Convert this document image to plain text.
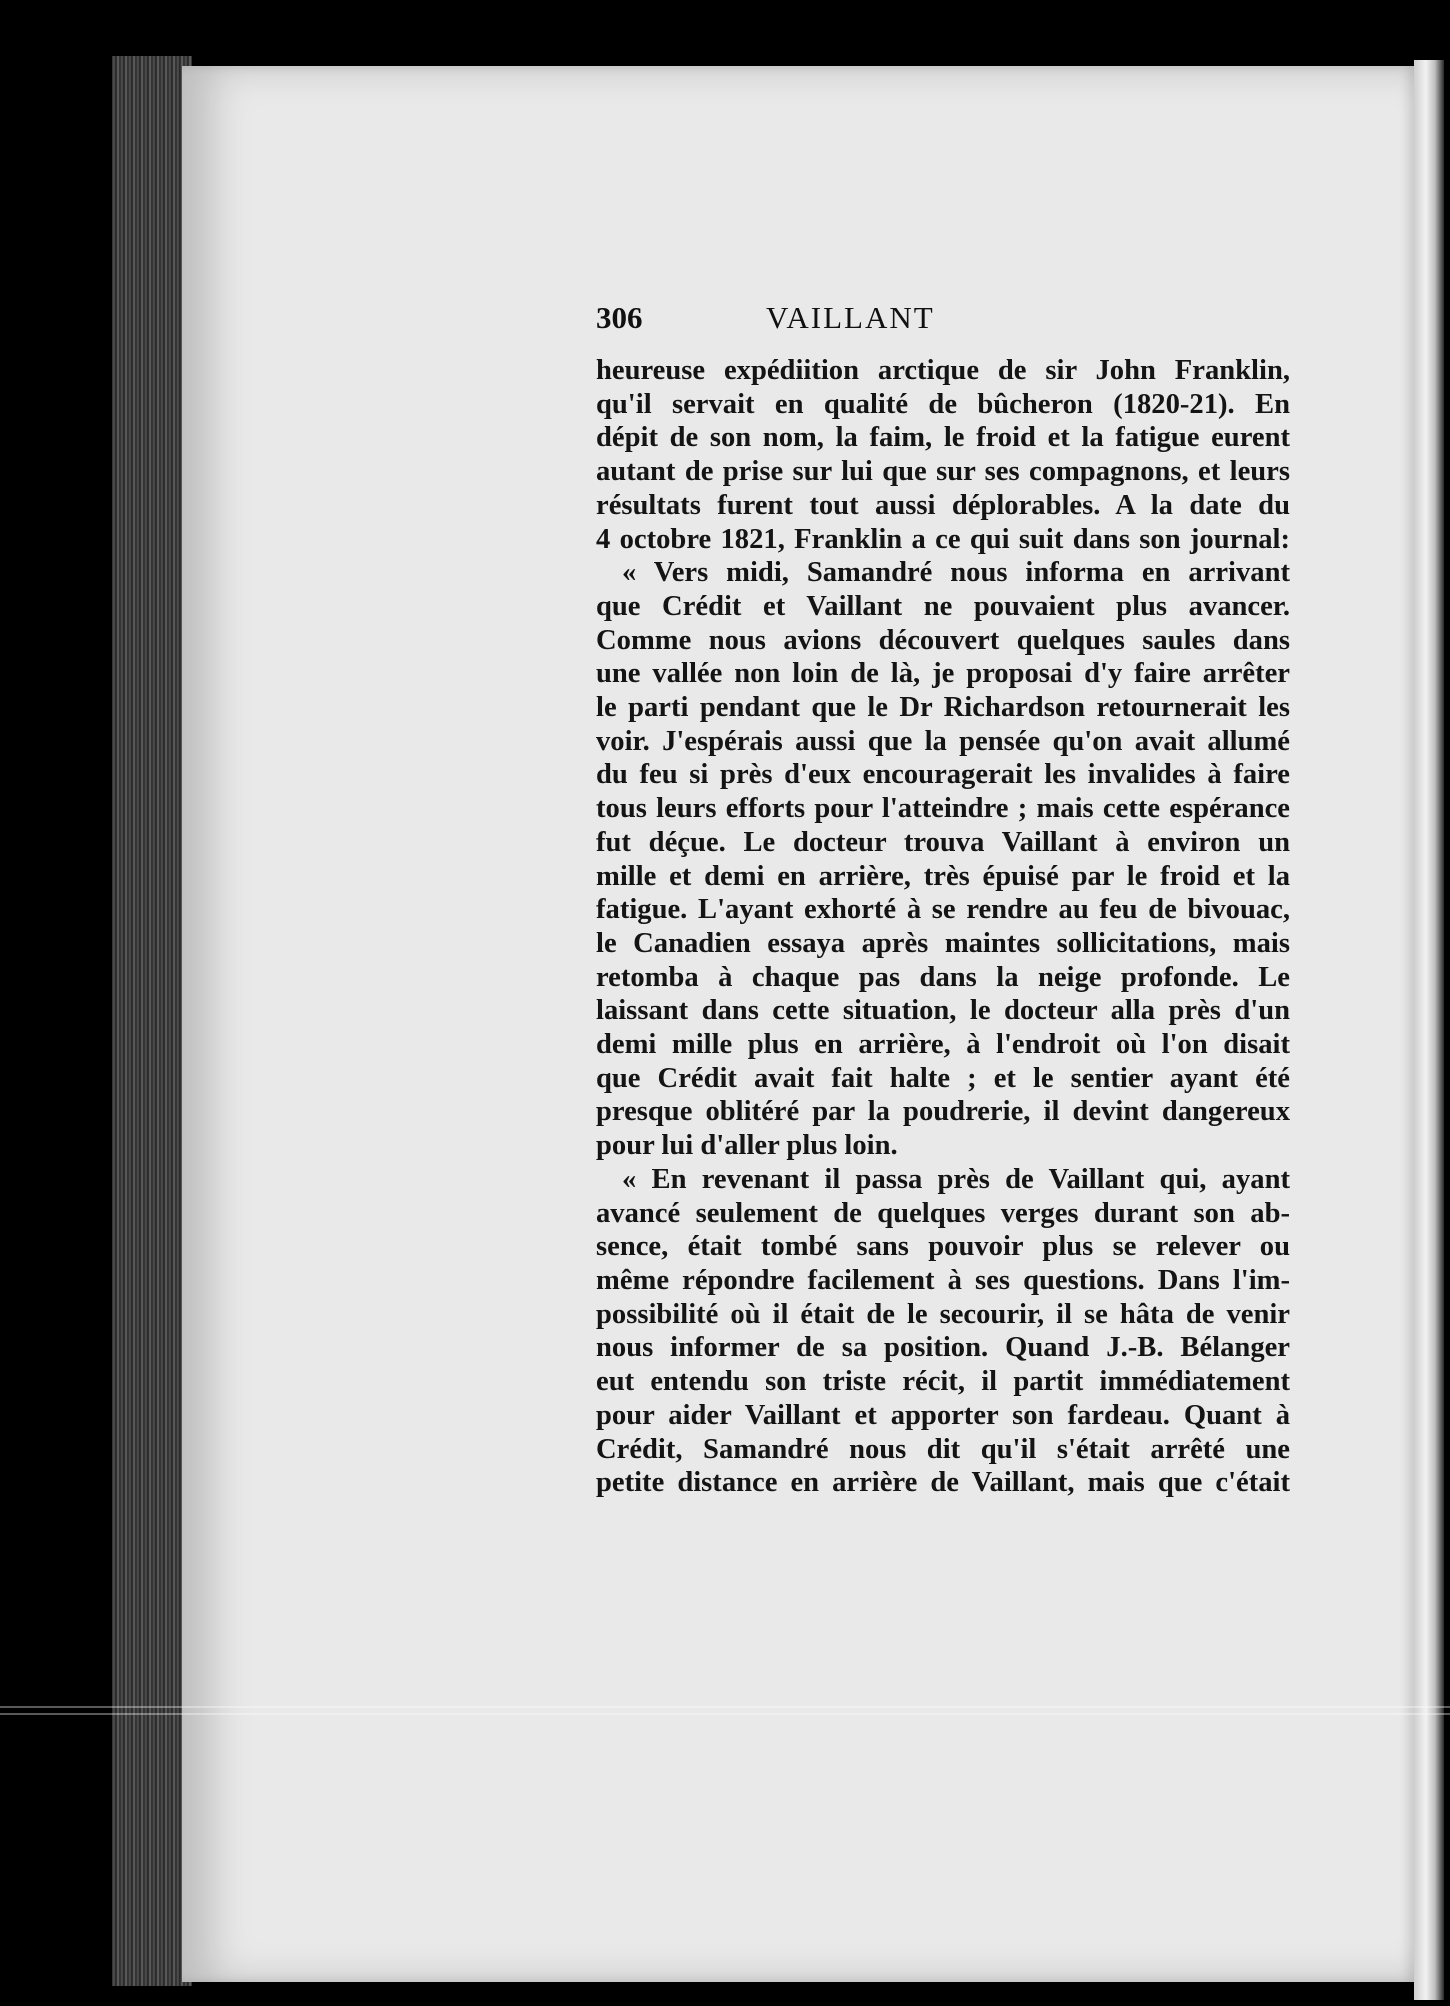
306	VAILLANT
heureuse expédiition arctique de sir John Franklin,
qu'il servait en qualité de bûcheron (1820-21). En
dépit de son nom, la faim, le froid et la fatigue eurent
autant de prise sur lui que sur ses compagnons, et leurs
résultats furent tout aussi déplorables. A la date du
4 octobre 1821, Franklin a ce qui suit dans son journal:
« Vers midi, Samandré nous informa en arrivant
que Crédit et Vaillant ne pouvaient plus avancer.
Comme nous avions découvert quelques saules dans
une vallée non loin de là, je proposai d'y faire arrêter
le parti pendant que le Dr Richardson retournerait les
voir. J'espérais aussi que la pensée qu'on avait allumé
du feu si près d'eux encouragerait les invalides à faire
tous leurs efforts pour l'atteindre ; mais cette espérance
fut déçue. Le docteur trouva Vaillant à environ un
mille et demi en arrière, très épuisé par le froid et la
fatigue. L'ayant exhorté à se rendre au feu de bivouac,
le Canadien essaya après maintes sollicitations, mais
retomba à chaque pas dans la neige profonde. Le
laissant dans cette situation, le docteur alla près d'un
demi mille plus en arrière, à l'endroit où l'on disait
que Crédit avait fait halte ; et le sentier ayant été
presque oblitéré par la poudrerie, il devint dangereux
pour lui d'aller plus loin.
« En revenant il passa près de Vaillant qui, ayant
avancé seulement de quelques verges durant son ab-
sence, était tombé sans pouvoir plus se relever ou
même répondre facilement à ses questions. Dans l'im-
possibilité où il était de le secourir, il se hâta de venir
nous informer de sa position. Quand J.-B. Bélanger
eut entendu son triste récit, il partit immédiatement
pour aider Vaillant et apporter son fardeau. Quant à
Crédit, Samandré nous dit qu'il s'était arrêté une
petite distance en arrière de Vaillant, mais que c'était
